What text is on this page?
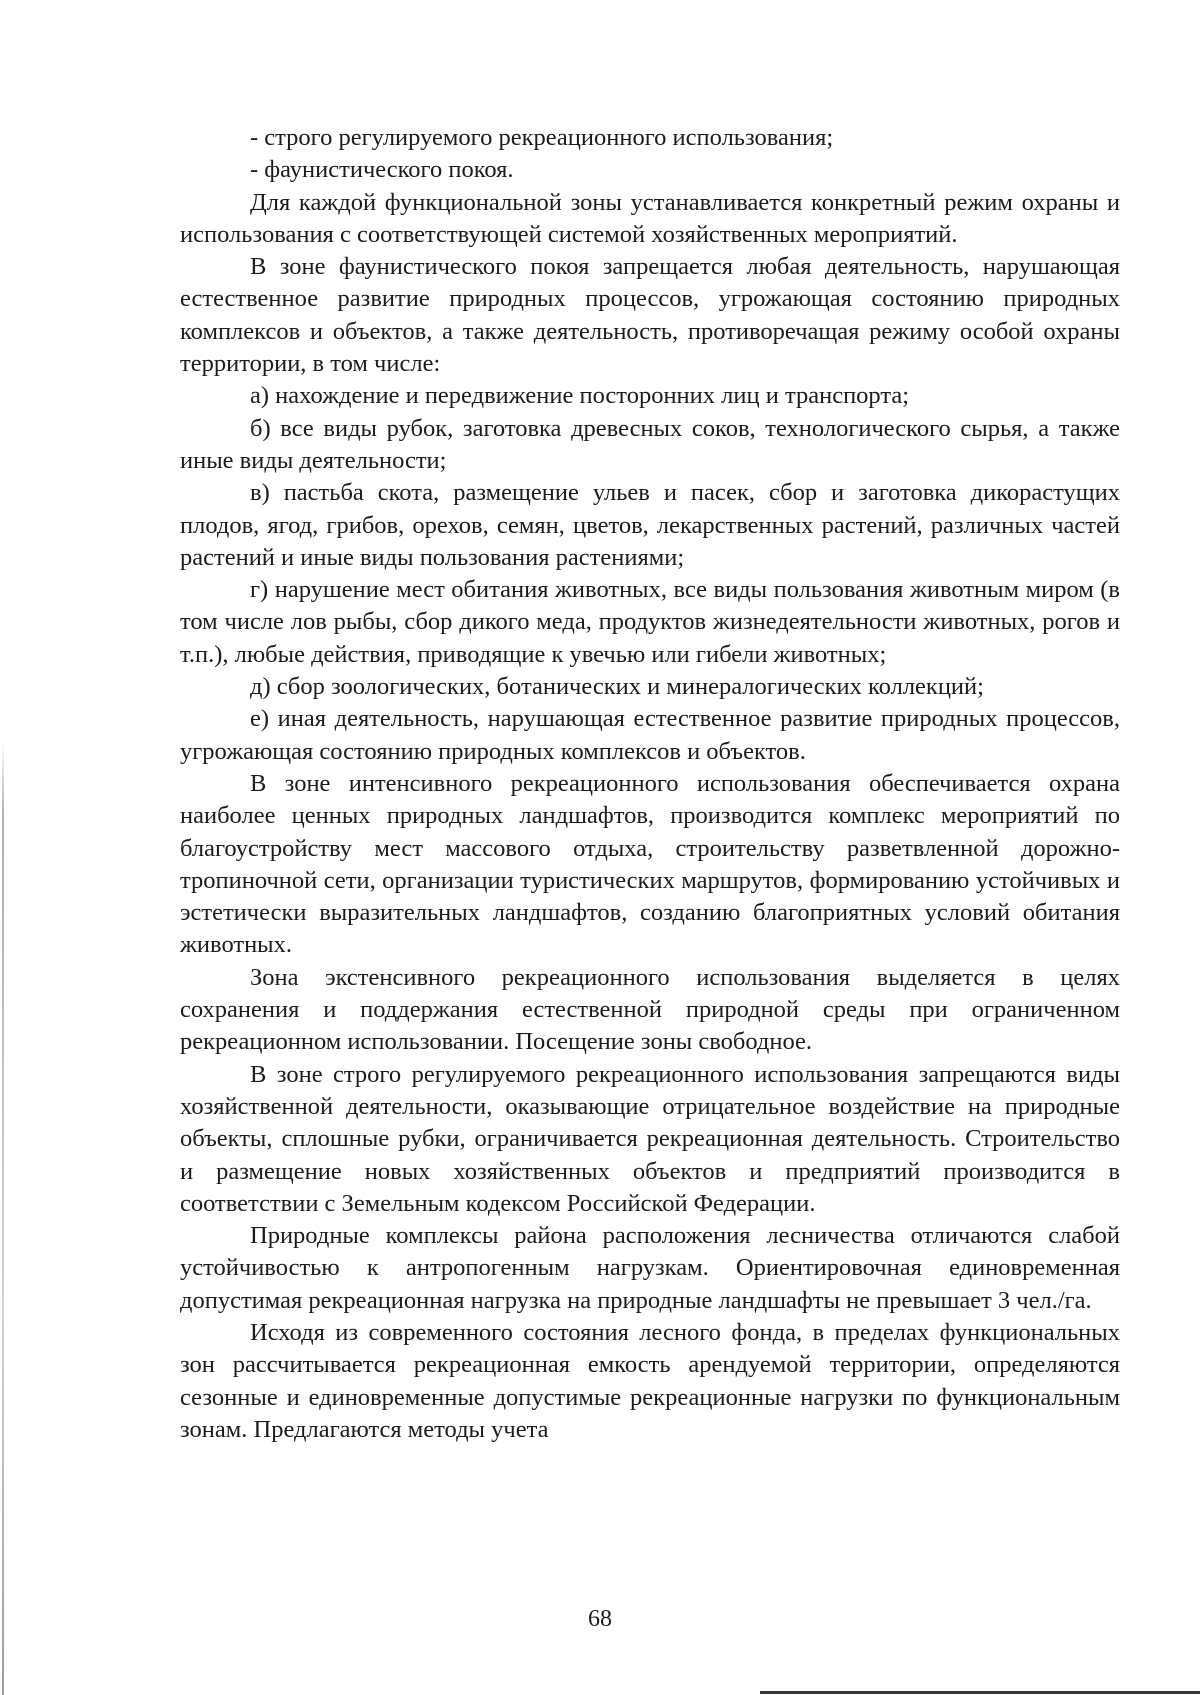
- строго регулируемого рекреационного использования;

- фаунистического покоя.

Для каждой функциональной зоны устанавливается конкретный режим охраны и использования с соответствующей системой хозяйственных мероприятий.

В зоне фаунистического покоя запрещается любая деятельность, нарушающая естественное развитие природных процессов, угрожающая состоянию природных комплексов и объектов, а также деятельность, противоречащая режиму особой охраны территории, в том числе:

а) нахождение и передвижение посторонних лиц и транспорта;

б) все виды рубок, заготовка древесных соков, технологического сырья, а также иные виды деятельности;

в) пастьба скота, размещение ульев и пасек, сбор и заготовка дикорастущих плодов, ягод, грибов, орехов, семян, цветов, лекарственных растений, различных частей растений и иные виды пользования растениями;

г) нарушение мест обитания животных, все виды пользования животным миром (в том числе лов рыбы, сбор дикого меда, продуктов жизнедеятельности животных, рогов и т.п.), любые действия, приводящие к увечью или гибели животных;

д) сбор зоологических, ботанических и минералогических коллекций;

е) иная деятельность, нарушающая естественное развитие природных процессов, угрожающая состоянию природных комплексов и объектов.

В зоне интенсивного рекреационного использования обеспечивается охрана наиболее ценных природных ландшафтов, производится комплекс мероприятий по благоустройству мест массового отдыха, строительству разветвленной дорожно-тропиночной сети, организации туристических маршрутов, формированию устойчивых и эстетически выразительных ландшафтов, созданию благоприятных условий обитания животных.

Зона экстенсивного рекреационного использования выделяется в целях сохранения и поддержания естественной природной среды при ограниченном рекреационном использовании. Посещение зоны свободное.

В зоне строго регулируемого рекреационного использования запрещаются виды хозяйственной деятельности, оказывающие отрицательное воздействие на природные объекты, сплошные рубки, ограничивается рекреационная деятельность. Строительство и размещение новых хозяйственных объектов и предприятий производится в соответствии с Земельным кодексом Российской Федерации.

Природные комплексы района расположения лесничества отличаются слабой устойчивостью к антропогенным нагрузкам. Ориентировочная единовременная допустимая рекреационная нагрузка на природные ландшафты не превышает 3 чел./га.

Исходя из современного состояния лесного фонда, в пределах функциональных зон рассчитывается рекреационная емкость арендуемой территории, определяются сезонные и единовременные допустимые рекреационные нагрузки по функциональным зонам. Предлагаются методы учета

68
